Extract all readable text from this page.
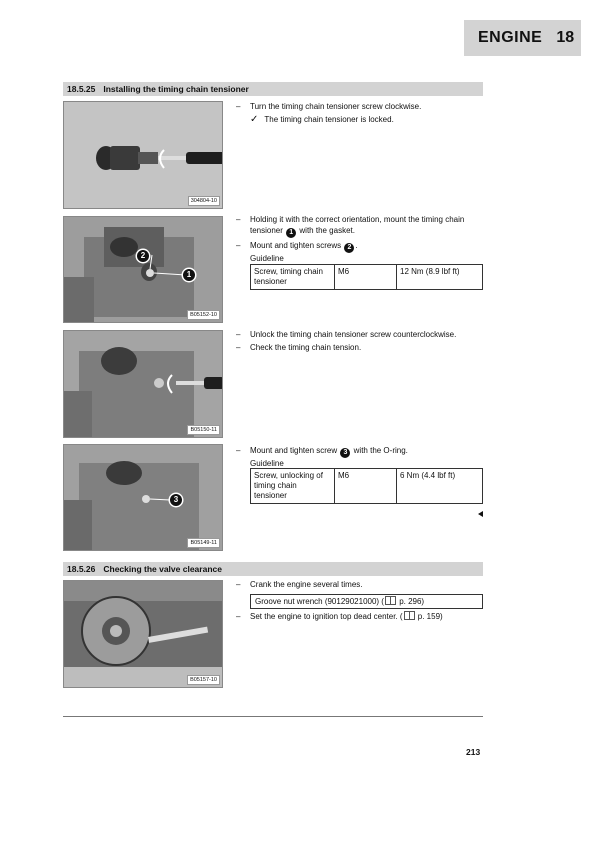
ENGINE 18
18.5.25 Installing the timing chain tensioner
304804-10
– Turn the timing chain tensioner screw clockwise.
✓ The timing chain tensioner is locked.
2
1
B05152-10
– Holding it with the correct orientation, mount the timing chain tensioner 1 with the gasket.
– Mount and tighten screws 2 .
Guideline
Screw, timing chain tensioner	M6	12 Nm (8.9 lbf ft)
B05150-11
– Unlock the timing chain tensioner screw counterclockwise.
– Check the timing chain tension.
3
B05149-11
– Mount and tighten screw 3 with the O-ring.
Guideline
Screw, unlocking of timing chain tensioner	M6	6 Nm (4.4 lbf ft)
18.5.26 Checking the valve clearance
B05157-10
– Crank the engine several times.
Groove nut wrench (90129021000) ( p. 296)
– Set the engine to ignition top dead center. ( p. 159)
213
